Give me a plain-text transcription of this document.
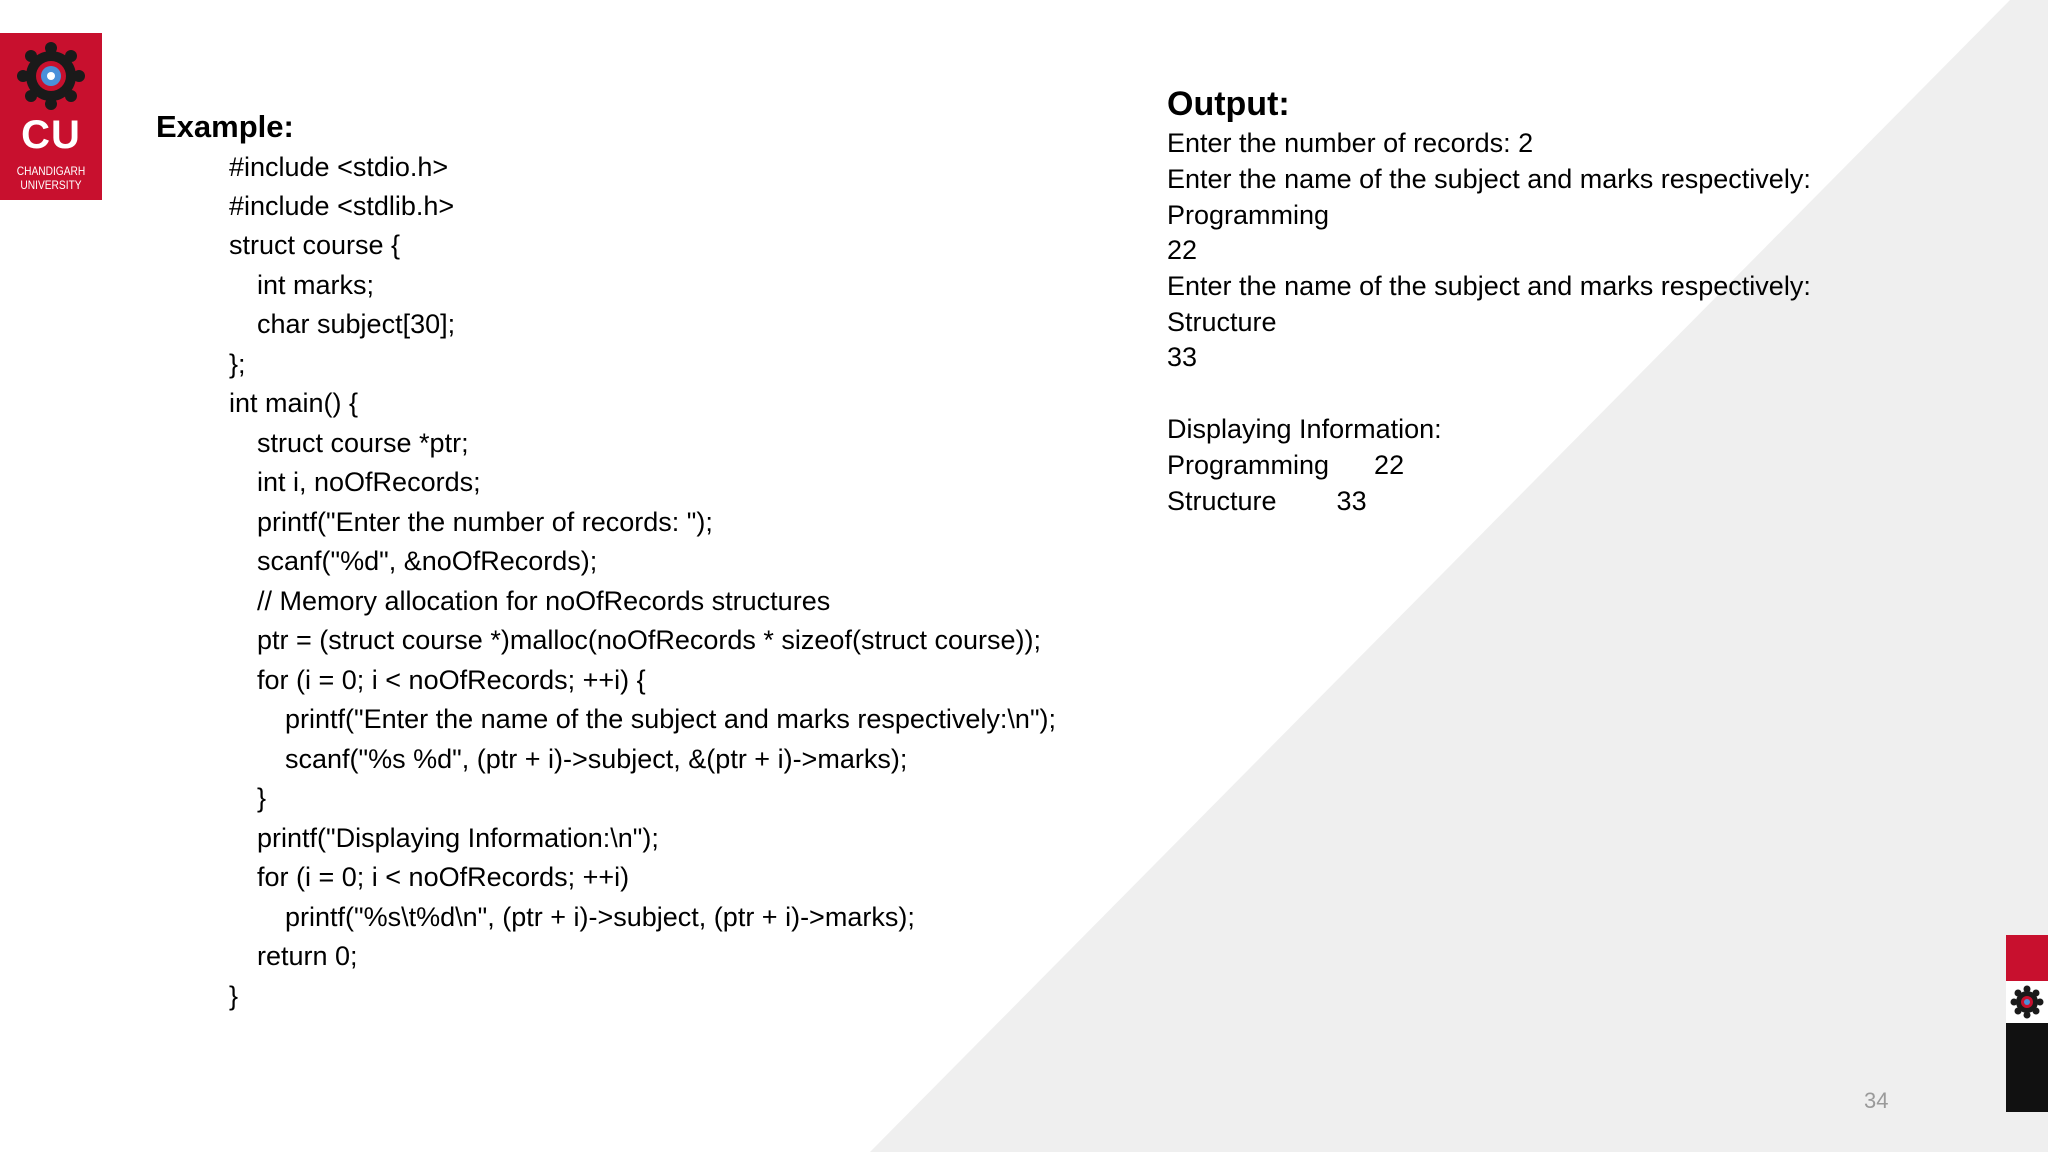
CU
CHANDIGARH UNIVERSITY
Example:
#include <stdio.h>
#include <stdlib.h>
struct course {
int marks;
char subject[30];
};
int main() {
struct course *ptr;
int i, noOfRecords;
printf("Enter the number of records: ");
scanf("%d", &noOfRecords);
// Memory allocation for noOfRecords structures
ptr = (struct course *)malloc(noOfRecords * sizeof(struct course));
for (i = 0; i < noOfRecords; ++i) {
printf("Enter the name of the subject and marks respectively:\n");
scanf("%s %d", (ptr + i)->subject, &(ptr + i)->marks);
}
printf("Displaying Information:\n");
for (i = 0; i < noOfRecords; ++i)
printf("%s\t%d\n", (ptr + i)->subject, (ptr + i)->marks);
return 0;
}
Output:
Enter the number of records: 2
Enter the name of the subject and marks respectively:
Programming
22
Enter the name of the subject and marks respectively:
Structure
33
Displaying Information:
Programming      22
Structure        33
34
